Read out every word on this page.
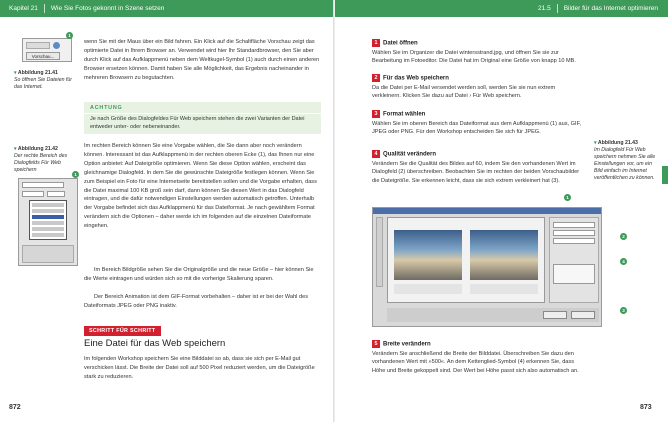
Kapitel 21 Wie Sie Fotos gekonnt in Szene setzen	21.5 Bilder für das Internet optimieren
Vorschau...
1
▾ Abbildung 21.41
So öffnen Sie Dateien für das Internet.
wenn Sie mit der Maus über ein Bild fahren. Ein Klick auf die Schaltfläche Vorschau zeigt das optimierte Datei in Ihrem Browser an. Verwendet wird hier Ihr Standardbrowser, den Sie aber durch Klick auf das Aufklappmenü neben dem Weltkugel-Symbol (1) auch durch einen anderen Browser ersetzen können. Damit haben Sie alle Möglichkeit, das Ergebnis nacheinander in mehreren Browsern zu begutachten.
ACHTUNG
Je nach Größe des Dialogfeldes Für Web speichern stehen die zwei Varianten der Datei entweder unter- oder nebeneinander.
▾ Abbildung 21.42
Der rechte Bereich des Dialogfelds Für Web speichern
1
Im rechten Bereich können Sie eine Vorgabe wählen, die Sie dann aber noch verändern können. Interessant ist das Aufklappmenü in der rechten oberen Ecke (1), das Ihnen nur eine Option anbietet: Auf Dateigröße optimieren. Wenn Sie diese Option wählen, erscheint das gleichnamige Dialogfeld. In dem Sie die gewünschte Dateigröße festlegen können. Wenn Sie zum Beispiel ein Foto für eine Internetseite bereitstellen sollen und die Vorgabe erhalten, dass die Datei maximal 100 KB groß sein darf, dann können Sie diesen Wert in das Dialogfeld eintragen, und die dafür notwendigen Einstellungen werden automatisch getroffen. Unterhalb der Vorgabe befindet sich das Aufklappmenü für das Dateiformat. Je nach gewähltem Format verändern sich die Optionen – daher werde ich im folgenden auf die einzelnen Dateiformate eingehen.
Im Bereich Bildgröße sehen Sie die Originalgröße und die neue Größe – hier können Sie die Werte eintragen und würden sich so mit die vorherige Skalierung sparen.
Der Bereich Animation ist dem GIF-Format vorbehalten – daher ist er bei der Wahl des Dateiformats JPEG oder PNG inaktiv.
SCHRITT FÜR SCHRITT
Eine Datei für das Web speichern
Im folgenden Workshop speichern Sie eine Bilddatei so ab, dass sie sich per E-Mail gut verschicken lässt. Die Breite der Datei soll auf 500 Pixel reduziert werden, um die Dateigröße stark zu reduzieren.
872
1 Datei öffnen

Wählen Sie im Organizer die Datei wintersstrand.jpg, und öffnen Sie sie zur Bearbeitung im Fotoeditor. Die Datei hat im Original eine Größe von knapp 10 MB.

2 Für das Web speichern

Da die Datei per E-Mail versendet werden soll, werden Sie sie nun extrem verkleinern. Klicken Sie dazu auf Datei › Für Web speichern.

3 Format wählen

Wählen Sie im oberen Bereich das Dateiformat aus dem Aufklappmenü (1) aus, GIF, JPEG oder PNG. Für den Workshop entscheiden Sie sich für JPEG.

4 Qualität verändern

Verändern Sie die Qualität des Bildes auf 60, indem Sie den vorhandenen Wert im Dialogfeld (2) überschreiben. Beobachten Sie im rechten der beiden Vorschaubilder die Dateigröße. Sie erkennen leicht, dass sie sich extrem verkleinert hat (3).

▾ Abbildung 21.43
Im Dialogfeld Für Web speichern nehmen Sie alle Einstellungen vor, um ein Bild einfach im Internet veröffentlichen zu können.
1
2
4
3
5 Breite verändern

Verändern Sie anschließend die Breite der Bilddatei. Überschreiben Sie dazu den vorhandenen Wert mit »500«. An dem Kettenglied-Symbol (4) erkennen Sie, dass Höhe und Breite gekoppelt sind. Der Wert bei Höhe passt sich also automatisch an.

873
